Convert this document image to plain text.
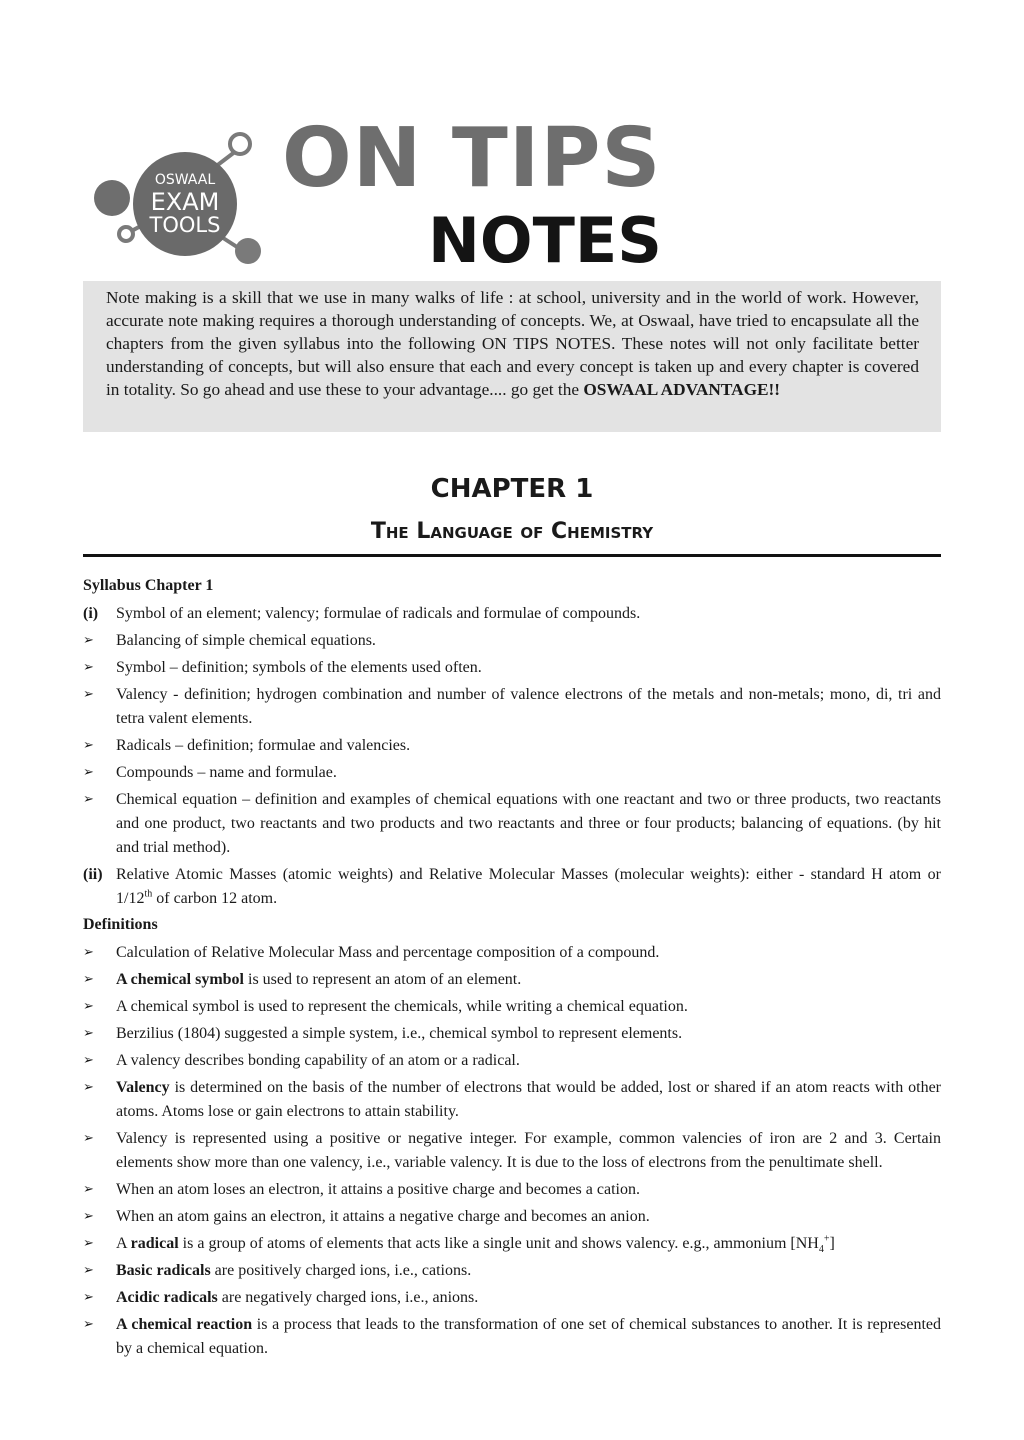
OSWAAL
EXAM
TOOLS
ON TIPS
NOTES

Note making is a skill that we use in many walks of life : at school, university and in the world of work. However, accurate note making requires a thorough understanding of concepts. We, at Oswaal, have tried to encapsulate all the chapters from the given syllabus into the following ON TIPS NOTES. These notes will not only facilitate better understanding of concepts, but will also ensure that each and every concept is taken up and every chapter is covered in totality. So go ahead and use these to your advantage.... go get the OSWAAL ADVANTAGE!!

CHAPTER 1
The Language of Chemistry

Syllabus Chapter 1

(i) Symbol of an element; valency; formulae of radicals and formulae of compounds.
➢ Balancing of simple chemical equations.
➢ Symbol – definition; symbols of the elements used often.
➢ Valency - definition; hydrogen combination and number of valence electrons of the metals and non-metals; mono, di, tri and tetra valent elements.
➢ Radicals – definition; formulae and valencies.
➢ Compounds – name and formulae.
➢ Chemical equation – definition and examples of chemical equations with one reactant and two or three products, two reactants and one product, two reactants and two products and two reactants and three or four products; balancing of equations. (by hit and trial method).
(ii) Relative Atomic Masses (atomic weights) and Relative Molecular Masses (molecular weights): either - standard H atom or 1/12th of carbon 12 atom.

Definitions

➢ Calculation of Relative Molecular Mass and percentage composition of a compound.
➢ A chemical symbol is used to represent an atom of an element.
➢ A chemical symbol is used to represent the chemicals, while writing a chemical equation.
➢ Berzilius (1804) suggested a simple system, i.e., chemical symbol to represent elements.
➢ A valency describes bonding capability of an atom or a radical.
➢ Valency is determined on the basis of the number of electrons that would be added, lost or shared if an atom reacts with other atoms. Atoms lose or gain electrons to attain stability.
➢ Valency is represented using a positive or negative integer. For example, common valencies of iron are 2 and 3. Certain elements show more than one valency, i.e., variable valency. It is due to the loss of electrons from the penultimate shell.
➢ When an atom loses an electron, it attains a positive charge and becomes a cation.
➢ When an atom gains an electron, it attains a negative charge and becomes an anion.
➢ A radical is a group of atoms of elements that acts like a single unit and shows valency. e.g., ammonium $[NH_4^+]$
➢ Basic radicals are positively charged ions, i.e., cations.
➢ Acidic radicals are negatively charged ions, i.e., anions.
➢ A chemical reaction is a process that leads to the transformation of one set of chemical substances to another. It is represented by a chemical equation.
